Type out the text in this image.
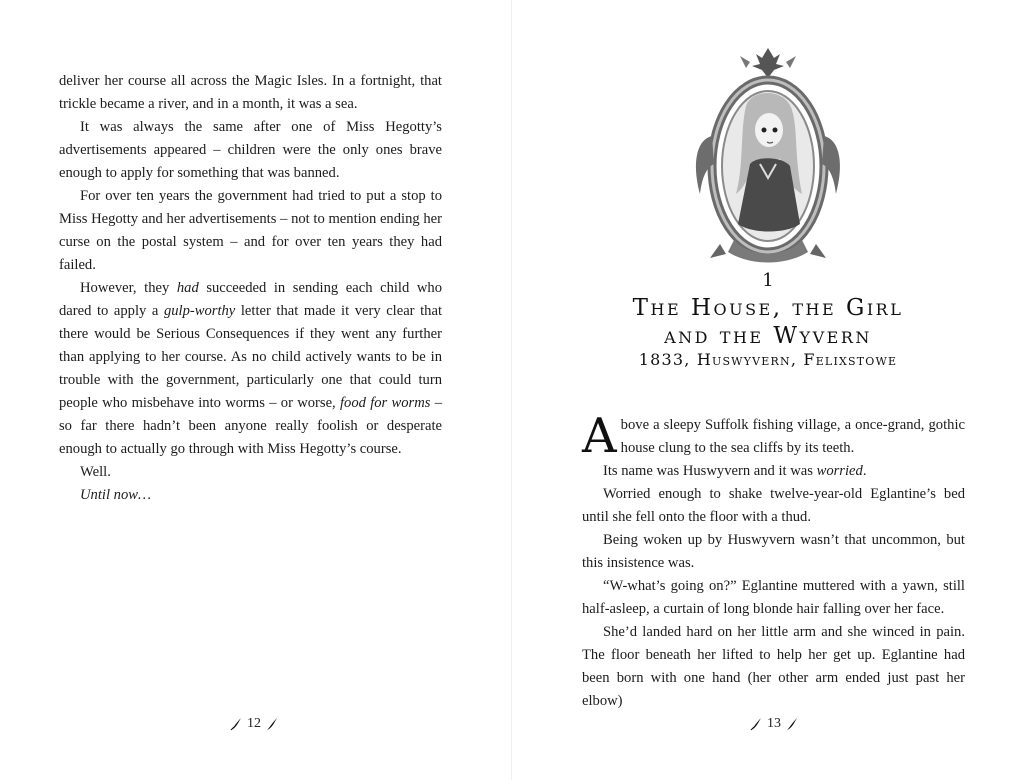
deliver her course all across the Magic Isles. In a fortnight, that trickle became a river, and in a month, it was a sea.

It was always the same after one of Miss Hegotty’s advertisements appeared – children were the only ones brave enough to apply for something that was banned.

For over ten years the government had tried to put a stop to Miss Hegotty and her advertisements – not to mention ending her curse on the postal system – and for over ten years they had failed.

However, they had succeeded in sending each child who dared to apply a gulp-worthy letter that made it very clear that there would be Serious Consequences if they went any further than applying to her course. As no child actively wants to be in trouble with the government, particularly one that could turn people who misbehave into worms – or worse, food for worms – so far there hadn’t been anyone really foolish or desperate enough to actually go through with Miss Hegotty’s course.

Well.

Until now…

12
1
The House, the Girl
and the Wyvern
1833, Huswyvern, Felixstowe

Above a sleepy Suffolk fishing village, a once-grand, gothic house clung to the sea cliffs by its teeth.

Its name was Huswyvern and it was worried.

Worried enough to shake twelve-year-old Eglantine’s bed until she fell onto the floor with a thud.

Being woken up by Huswyvern wasn’t that uncommon, but this insistence was.

“W-what’s going on?” Eglantine muttered with a yawn, still half-asleep, a curtain of long blonde hair falling over her face.

She’d landed hard on her little arm and she winced in pain. The floor beneath her lifted to help her get up. Eglantine had been born with one hand (her other arm ended just past her elbow)

13
